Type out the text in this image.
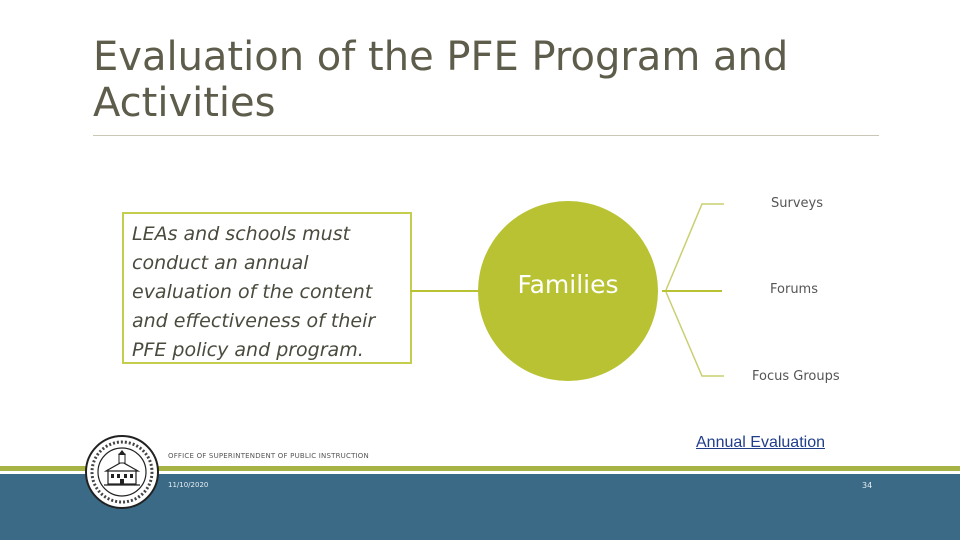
Evaluation of the PFE Program and Activities
LEAs and schools must conduct an annual evaluation of the content and effectiveness of their PFE policy and program.
Families
Surveys
Forums
Focus Groups
Annual Evaluation
OFFICE OF SUPERINTENDENT OF PUBLIC INSTRUCTION
11/10/2020	34
